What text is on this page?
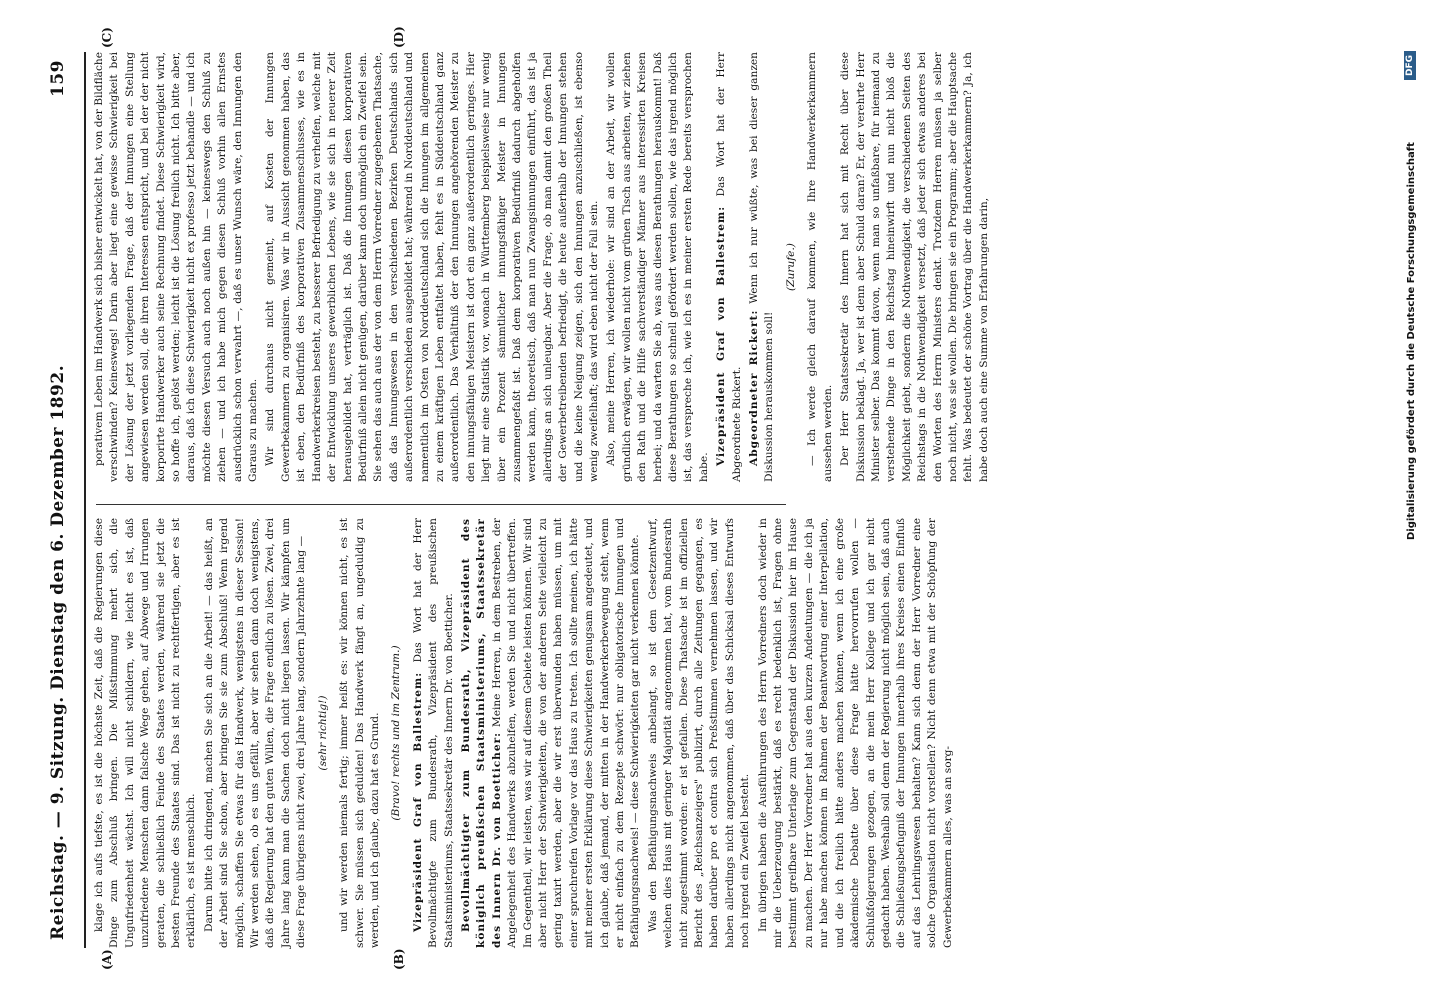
Reichstag. — 9. Sitzung. Dienstag den 6. Dezember 1892.
159
(A)	(B)
(C)	(D)

klage ich aufs tiefste, es ist die höchste Zeit, daß die Regierungen diese Dinge zum Abschluß bringen. Die Mißstimmung mehrt sich, die Ungufriedenheit wächst. Ich will nicht schildern, wie leicht es ist, daß unzufriedene Menschen dann falsche Wege gehen, auf Abwege und Irrungen geraten, die schließlich Feinde des Staates werden, während sie jetzt die besten Freunde des Staates sind. Das ist nicht zu rechtfertigen, aber es ist erklärlich, es ist menschlich. Darum bitte ich dringend, machen Sie sich an die Arbeit! — das heißt, an der Arbeit sind Sie schon, aber bringen Sie sie zum Abschluß! Wenn irgend möglich, schaffen Sie etwas für das Handwerk, wenigstens in dieser Session! Wir werden sehen, ob es uns gefällt, aber wir sehen dann doch wenigstens, daß die Regierung hat den guten Willen, die Frage endlich zu lösen. Zwei, drei Jahre lang kann man die Sachen doch nicht liegen lassen. Wir kämpfen um diese Frage übrigens nicht zwei, drei Jahre lang, sondern Jahrzehnte lang — (sehr richtig!) und wir werden niemals fertig; immer heißt es: wir können nicht, es ist schwer. Sie müssen sich gedulden! Das Handwerk fängt an, ungeduldig zu werden, und ich glaube, dazu hat es Grund. (Bravo! rechts und im Zentrum.) Vizepräsident Graf von Ballestrem: Das Wort hat der Herr Bevollmächtigte zum Bundesrath, Vizepräsident des preußischen Staatsministeriums, Staatssekretär des Innern Dr. von Boetticher. Bevollmächtigter zum Bundesrath, Vizepräsident des königlich preußischen Staatsministeriums, Staatssekretär des Innern Dr. von Boetticher: Meine Herren, in dem Bestreben, der Angelegenheit des Handwerks abzuhelfen, werden Sie und nicht übertreffen. Im Gegentheil, wir leisten, was wir auf diesem Gebiete leisten können. Wir sind aber nicht Herr der Schwierigkeiten, die von der anderen Seite vielleicht zu gering taxirt werden, aber die wir erst überwunden haben müssen, um mit einer spruchreifen Vorlage vor das Haus zu treten. Ich sollte meinen, ich hätte mit meiner ersten Erklärung diese Schwierigkeiten genugsam angedeutet, und ich glaube, daß jemand, der mitten in der Handwerkerbewegung steht, wenn er nicht einfach zu dem Rezepte schwört: nur obligatorische Innungen und Befähigungsnachweis! — diese Schwierigkeiten gar nicht verkennen könnte. Was den Befähigungsnachweis anbelangt, so ist dem Gesetzentwurf, welchen dies Haus mit geringer Majorität angenommen hat, vom Bundesrath nicht zugestimmt worden: er ist gefallen. Diese Thatsache ist im offiziellen Bericht des „Reichsanzeigers" publizirt, durch alle Zeitungen gegangen, es haben darüber pro et contra sich Preßstimmen vernehmen lassen, und wir haben allerdings nicht angenommen, daß über das Schicksal dieses Entwurfs noch irgend ein Zweifel besteht. Im übrigen haben die Ausführungen des Herrn Vorredners doch wieder in mir die Ueberzeugung bestärkt, daß es recht bedenklich ist, Fragen ohne bestimmt greifbare Unterlage zum Gegenstand der Diskussion hier im Hause zu machen. Der Herr Vorredner hat aus den kurzen Andeutungen — die ich ja nur habe machen können im Rahmen der Beantwortung einer Interpellation, und die ich freilich hätte anders machen können, wenn ich eine große akademische Debatte über diese Frage hätte hervorrufen wollen — Schlußfolgerungen gezogen, an die mein Herr Kollege und ich gar nicht gedacht haben. Weshalb soll denn der Regierung nicht möglich sein, daß auch die Schließungsbefugniß der Innungen innerhalb ihres Kreises einen Einfluß auf das Lehrlingswesen behalten? Kann sich denn der Herr Vorredner eine solche Organisation nicht vorstellen? Nicht denn etwa mit der Schöpfung der Gewerbekammern alles, was an sorg-

porativem Leben im Handwerk sich bisher entwickelt hat, von der Bildfläche verschwinden? Keineswegs! Darin aber liegt eine gewisse Schwierigkeit bei der Lösung der jetzt vorliegenden Frage, daß der Innungen eine Stellung angewiesen werden soll, die ihren Interessen entspricht, und bei der der nicht korporirte Handwerker auch seine Rechnung findet. Diese Schwierigkeit wird, so hoffe ich, gelöst werden; leicht ist die Lösung freilich nicht. Ich bitte aber, daraus, daß ich diese Schwierigkeit nicht ex professo jetzt behandle — und ich möchte diesen Versuch auch noch außen hin — keineswegs den Schluß zu ziehen — und ich habe mich gegen diesen Schluß vorhin allen Ernstes ausdrücklich schon verwahrt —, daß es unser Wunsch wäre, den Innungen den Garaus zu machen. Wir sind durchaus nicht gemeint, auf Kosten der Innungen Gewerbekammern zu organisiren. Was wir in Aussicht genommen haben, das ist eben, den Bedürfniß des korporativen Zusammenschlusses, wie es in Handwerkerkreisen besteht, zu besserer Befriedigung zu verhelfen, welche mit der Entwicklung unseres gewerblichen Lebens, wie sie sich in neuerer Zeit herausgebildet hat, verträglich ist. Daß die Innungen diesen korporativen Bedürfniß allein nicht genügen, darüber kann doch unmöglich ein Zweifel sein. Sie sehen das auch aus der von dem Herrn Vorredner zugegebenen Thatsache, daß das Innungswesen in den verschiedenen Bezirken Deutschlands sich außerordentlich verschieden ausgebildet hat; während in Norddeutschland und namentlich im Osten von Norddeutschland sich die Innungen im allgemeinen zu einem kräftigen Leben entfaltet haben, fehlt es in Süddeutschland ganz außerordentlich. Das Verhältniß der den Innungen angehörenden Meister zu den innungsfähigen Meistern ist dort ein ganz außerordentlich geringes. Hier liegt mir eine Statistik vor, wonach in Württemberg beispielsweise nur wenig über ein Prozent sämmtlicher innungsfähiger Meister in Innungen zusammengefaßt ist. Daß dem korporativen Bedürfniß dadurch abgeholfen werden kann, theoretisch, daß man nun Zwangsinnungen einführt, das ist ja allerdings an sich unleugbar. Aber die Frage, ob man damit den großen Theil der Gewerbetreibenden befriedigt, die heute außerhalb der Innungen stehen und die keine Neigung zeigen, sich den Innungen anzuschließen, ist ebenso wenig zweifelhaft; das wird eben nicht der Fall sein. Also, meine Herren, ich wiederhole: wir sind an der Arbeit, wir wollen gründlich erwägen, wir wollen nicht vom grünen Tisch aus arbeiten, wir ziehen den Rath und die Hilfe sachverständiger Männer aus interessirten Kreisen herbei; und da warten Sie ab, was aus diesen Berathungen herauskommt! Daß diese Berathungen so schnell gefördert werden sollen, wie das irgend möglich ist, das verspreche ich, wie ich es in meiner ersten Rede bereits versprochen habe.

Vizepräsident Graf von Ballestrem: Das Wort hat der Herr Abgeordnete Rickert. Abgeordneter Rickert: Wenn ich nur wüßte, was bei dieser ganzen Diskussion herauskommen soll!

(Zurufe.) — Ich werde gleich darauf kommen, wie Ihre Handwerkerkammern aussehen werden. Der Herr Staatssekretär des Innern hat sich mit Recht über diese Diskussion beklagt. Ja, wer ist denn aber Schuld daran? Er, der verehrte Herr Minister selber. Das kommt davon, wenn man so unfaßbare, für niemand zu verstehende Dinge in den Reichstag hineinwirft und nun nicht bloß die Möglichkeit giebt, sondern die Nothwendigkeit, die verschiedenen Seiten des Reichstags in die Nothwendigkeit versetzt, daß jeder sich etwas anderes bei den Worten des Herrn Ministers denkt. Trotzdem Herren müssen ja selber noch nicht, was sie wollen. Die bringen sie ein Programm; aber die Hauptsache fehlt. Was bedeutet der schöne Vortrag über die Handwerkerkammern? Ja, ich habe doch auch eine Summe von Erfahrungen darin,	Digitalisierung gefördert durch die Deutsche Forschungsgemeinschaft
DFG
